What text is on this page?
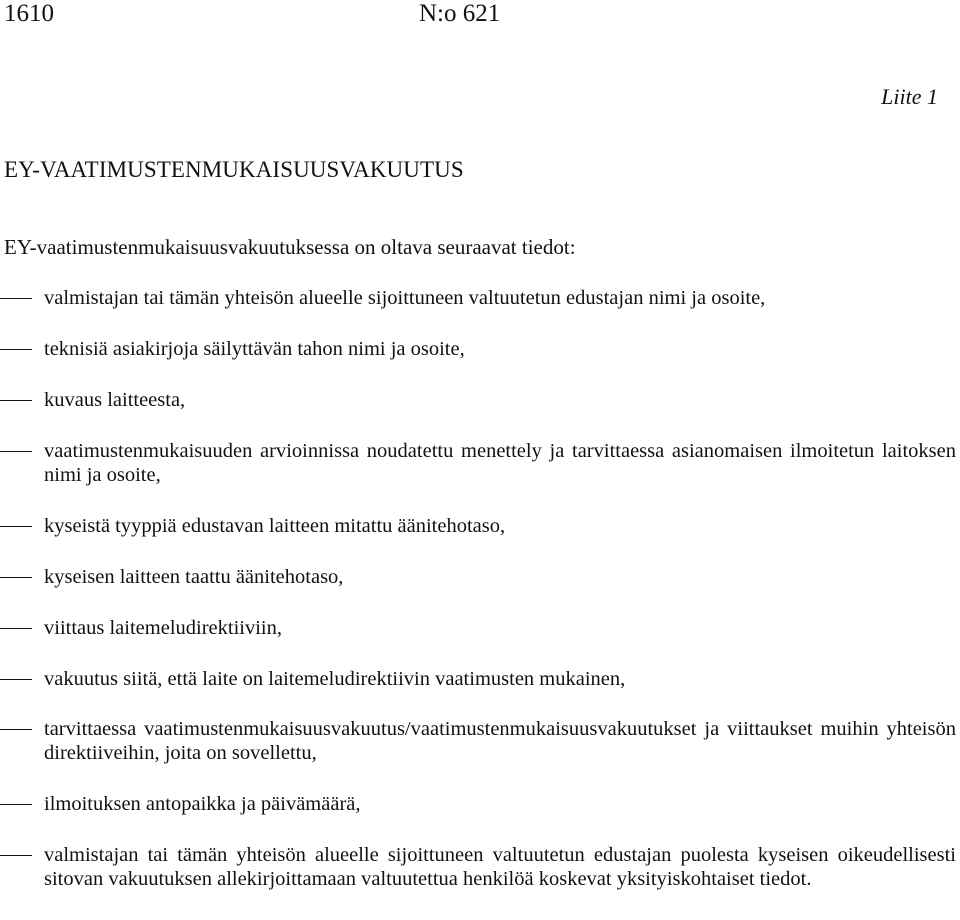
1610	N:o 621
Liite 1
EY-VAATIMUSTENMUKAISUUSVAKUUTUS
EY-vaatimustenmukaisuusvakuutuksessa on oltava seuraavat tiedot:
valmistajan tai tämän yhteisön alueelle sijoittuneen valtuutetun edustajan nimi ja osoite,
teknisiä asiakirjoja säilyttävän tahon nimi ja osoite,
kuvaus laitteesta,
vaatimustenmukaisuuden arvioinnissa noudatettu menettely ja tarvittaessa asianomaisen ilmoitetun laitoksen nimi ja osoite,
kyseistä tyyppiä edustavan laitteen mitattu äänitehotaso,
kyseisen laitteen taattu äänitehotaso,
viittaus laitemeludirektiiviin,
vakuutus siitä, että laite on laitemeludirektiivin vaatimusten mukainen,
tarvittaessa vaatimustenmukaisuusvakuutus/vaatimustenmukaisuusvakuutukset ja viittaukset muihin yhteisön direktiiveihin, joita on sovellettu,
ilmoituksen antopaikka ja päivämäärä,
valmistajan tai tämän yhteisön alueelle sijoittuneen valtuutetun edustajan puolesta kyseisen oikeudellisesti sitovan vakuutuksen allekirjoittamaan valtuutettua henkilöä koskevat yksityiskohtaiset tiedot.
